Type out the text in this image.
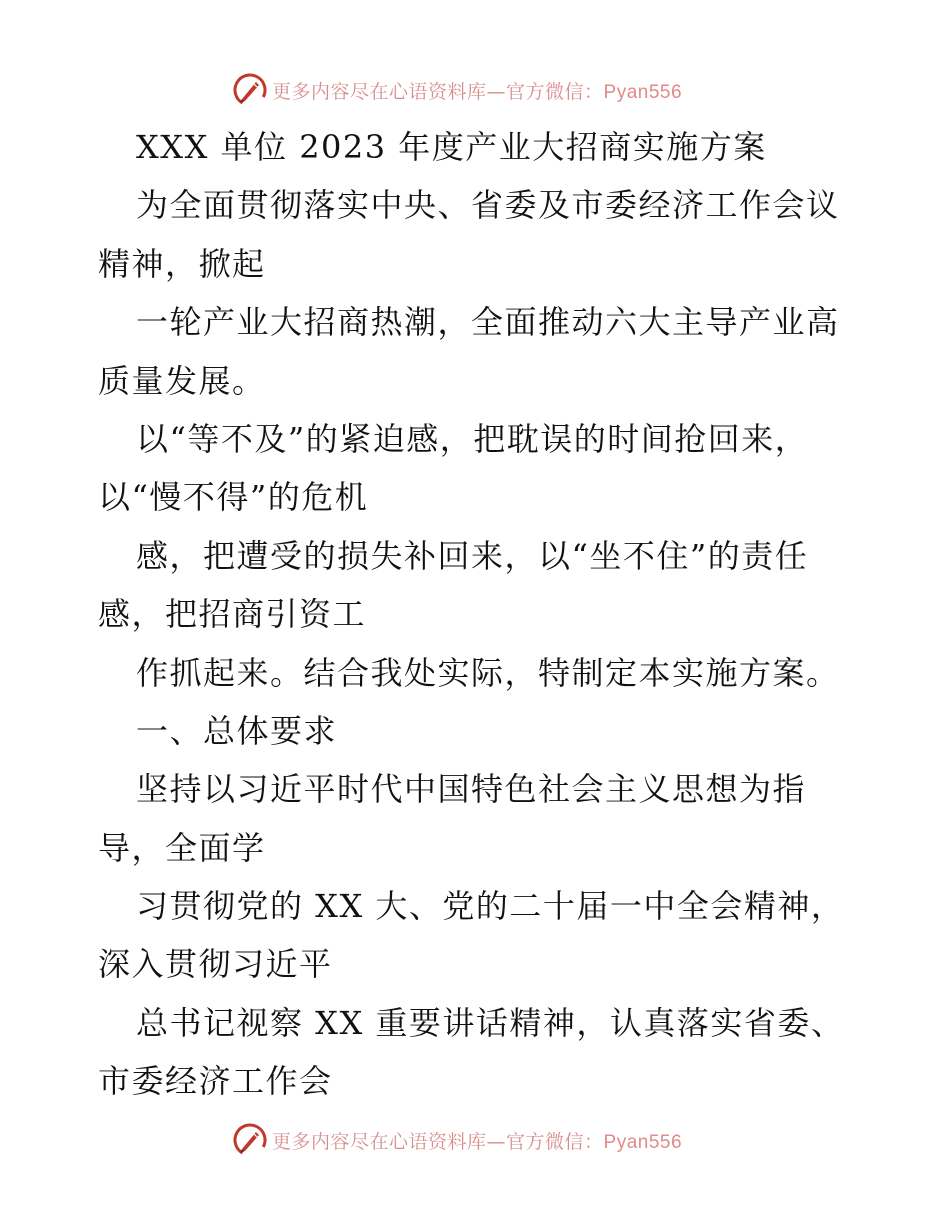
更多内容尽在心语资料库—官方微信：Pyan556
XXX 单位 2023 年度产业大招商实施方案
为全面贯彻落实中央、省委及市委经济工作会议
精神，掀起
一轮产业大招商热潮，全面推动六大主导产业高
质量发展。
以“等不及”的紧迫感，把耽误的时间抢回来，
以“慢不得”的危机
感，把遭受的损失补回来，以“坐不住”的责任
感，把招商引资工
作抓起来。结合我处实际，特制定本实施方案。
一、总体要求
坚持以习近平时代中国特色社会主义思想为指
导，全面学
习贯彻党的 XX 大、党的二十届一中全会精神，
深入贯彻习近平
总书记视察 XX 重要讲话精神，认真落实省委、
市委经济工作会
更多内容尽在心语资料库—官方微信：Pyan556
